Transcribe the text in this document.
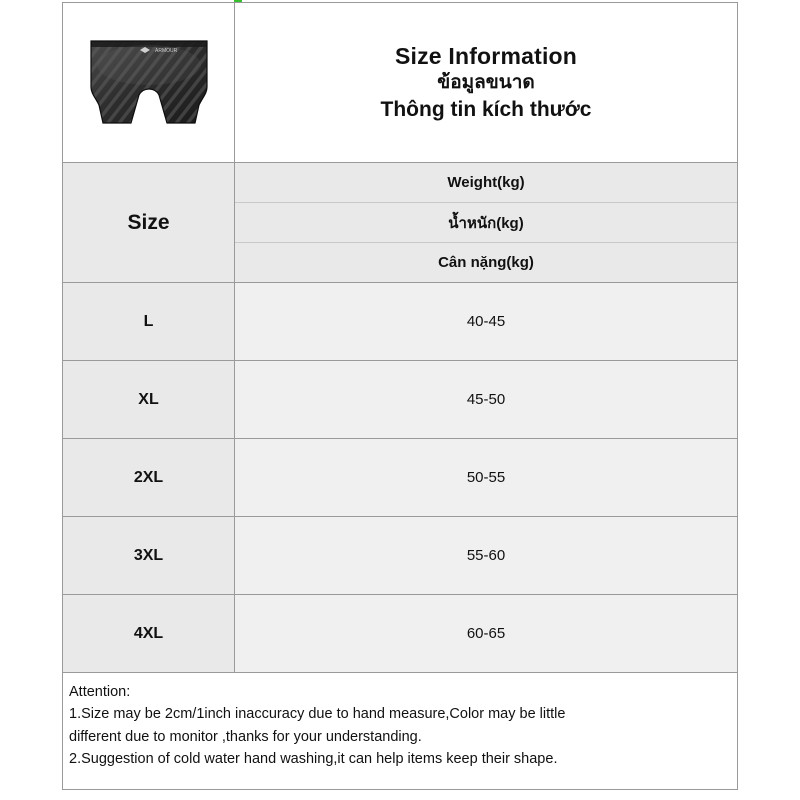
ARMOUR	Size Information
ข้อมูลขนาด
Thông tin kích thước
Size
Weight(kg)
น้ำหนัก(kg)
Cân nặng(kg)
L	40-45
XL	45-50
2XL	50-55
3XL	55-60
4XL	60-65

Attention:

1.Size may be 2cm/1inch inaccuracy due to hand measure,Color may be little

different due to monitor ,thanks for your understanding.

2.Suggestion of cold water hand washing,it can help items keep their shape.
